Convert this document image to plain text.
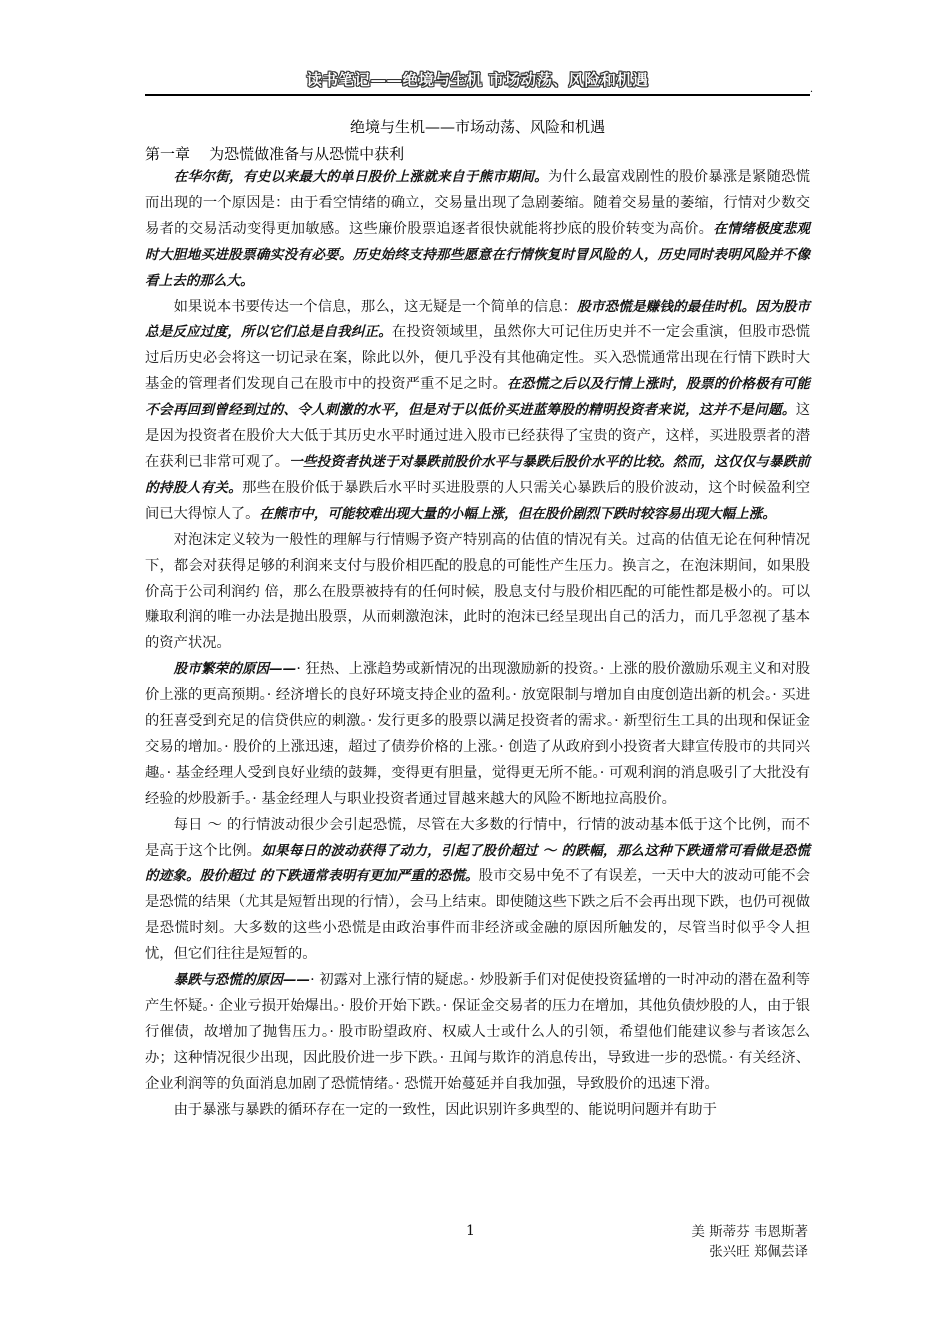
读书笔记——绝境与生机 市场动荡、风险和机遇
.
绝境与生机——市场动荡、风险和机遇
第一章    为恐慌做准备与从恐慌中获利

在华尔街，有史以来最大的单日股价上涨就来自于熊市期间。为什么最富戏剧性的股价暴涨是紧随恐慌而出现的一个原因是：由于看空情绪的确立，交易量出现了急剧萎缩。随着交易量的萎缩，行情对少数交易者的交易活动变得更加敏感。这些廉价股票追逐者很快就能将抄底的股价转变为高价。在情绪极度悲观时大胆地买进股票确实没有必要。历史始终支持那些愿意在行情恢复时冒风险的人，历史同时表明风险并不像看上去的那么大。

如果说本书要传达一个信息，那么，这无疑是一个简单的信息：股市恐慌是赚钱的最佳时机。因为股市总是反应过度，所以它们总是自我纠正。在投资领域里，虽然你大可记住历史并不一定会重演，但股市恐慌过后历史必会将这一切记录在案，除此以外，便几乎没有其他确定性。买入恐慌通常出现在行情下跌时大基金的管理者们发现自己在股市中的投资严重不足之时。在恐慌之后以及行情上涨时，股票的价格极有可能不会再回到曾经到过的、令人刺激的水平，但是对于以低价买进蓝筹股的精明投资者来说，这并不是问题。这是因为投资者在股价大大低于其历史水平时通过进入股市已经获得了宝贵的资产，这样，买进股票者的潜在获利已非常可观了。一些投资者执迷于对暴跌前股价水平与暴跌后股价水平的比较。然而，这仅仅与暴跌前的持股人有关。那些在股价低于暴跌后水平时买进股票的人只需关心暴跌后的股价波动，这个时候盈利空间已大得惊人了。在熊市中，可能较难出现大量的小幅上涨，但在股价剧烈下跌时较容易出现大幅上涨。

对泡沫定义较为一般性的理解与行情赐予资产特别高的估值的情况有关。过高的估值无论在何种情况下，都会对获得足够的利润来支付与股价相匹配的股息的可能性产生压力。换言之，在泡沫期间，如果股价高于公司利润约 倍，那么在股票被持有的任何时候，股息支付与股价相匹配的可能性都是极小的。可以赚取利润的唯一办法是抛出股票，从而刺激泡沫，此时的泡沫已经呈现出自己的活力，而几乎忽视了基本的资产状况。

股市繁荣的原因——· 狂热、上涨趋势或新情况的出现激励新的投资。· 上涨的股价激励乐观主义和对股价上涨的更高预期。· 经济增长的良好环境支持企业的盈利。· 放宽限制与增加自由度创造出新的机会。· 买进的狂喜受到充足的信贷供应的刺激。· 发行更多的股票以满足投资者的需求。· 新型衍生工具的出现和保证金交易的增加。· 股价的上涨迅速，超过了债券价格的上涨。· 创造了从政府到小投资者大肆宣传股市的共同兴趣。· 基金经理人受到良好业绩的鼓舞，变得更有胆量，觉得更无所不能。· 可观利润的消息吸引了大批没有经验的炒股新手。· 基金经理人与职业投资者通过冒越来越大的风险不断地拉高股价。

每日 ～ 的行情波动很少会引起恐慌，尽管在大多数的行情中，行情的波动基本低于这个比例，而不是高于这个比例。如果每日的波动获得了动力，引起了股价超过 ～ 的跌幅，那么这种下跌通常可看做是恐慌的迹象。股价超过 的下跌通常表明有更加严重的恐慌。股市交易中免不了有误差，一天中大的波动可能不会是恐慌的结果（尤其是短暂出现的行情），会马上结束。即使随这些下跌之后不会再出现下跌，也仍可视做是恐慌时刻。大多数的这些小恐慌是由政治事件而非经济或金融的原因所触发的，尽管当时似乎令人担忧，但它们往往是短暂的。

暴跌与恐慌的原因——· 初露对上涨行情的疑虑。· 炒股新手们对促使投资猛增的一时冲动的潜在盈利等产生怀疑。· 企业亏损开始爆出。· 股价开始下跌。· 保证金交易者的压力在增加，其他负债炒股的人，由于银行催债，故增加了抛售压力。· 股市盼望政府、权威人士或什么人的引领，希望他们能建议参与者该怎么办；这种情况很少出现，因此股价进一步下跌。· 丑闻与欺诈的消息传出，导致进一步的恐慌。· 有关经济、企业利润等的负面消息加剧了恐慌情绪。· 恐慌开始蔓延并自我加强，导致股价的迅速下滑。

由于暴涨与暴跌的循环存在一定的一致性，因此识别许多典型的、能说明问题并有助于

1	美 斯蒂芬 韦恩斯著
张兴旺 郑佩芸译
